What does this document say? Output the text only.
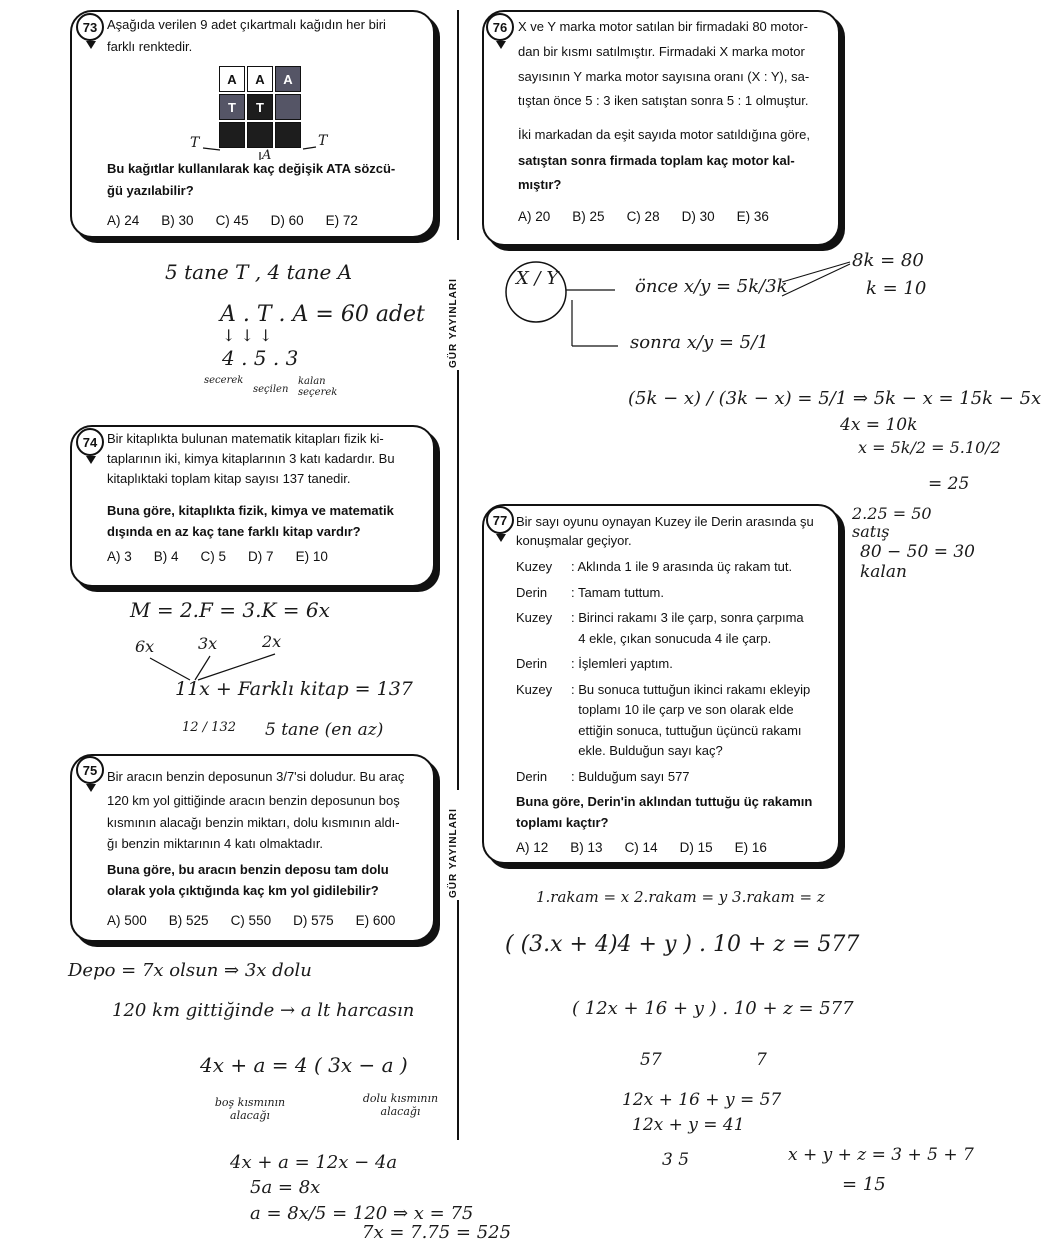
GÜR YAYINLARI
GÜR YAYINLARI
73 Aşağıda verilen 9 adet çıkartmalı kağıdın her biri
farklı renktedir.
A	A	A
T	T
T	T
A
Bu kağıtlar kullanılarak kaç değişik ATA sözcü-
ğü yazılabilir?
A) 24 B) 30 C) 45 D) 60 E) 72
5 tane T , 4 tane A
A . T . A = 60 adet
↓ ↓ ↓
4 . 5 . 3
secerek
seçilen
kalan seçerek
74 Bir kitaplıkta bulunan matematik kitapları fizik ki-
taplarının iki, kimya kitaplarının 3 katı kadardır. Bu
kitaplıktaki toplam kitap sayısı 137 tanedir.
Buna göre, kitaplıkta fizik, kimya ve matematik
dışında en az kaç tane farklı kitap vardır?
A) 3 B) 4 C) 5 D) 7 E) 10
M = 2.F = 3.K = 6x
6x	3x	2x
11x + Farklı kitap = 137
12 / 132 5 tane (en az)
75 Bir aracın benzin deposunun 3/7'si doludur. Bu araç
120 km yol gittiğinde aracın benzin deposunun boş
kısmının alacağı benzin miktarı, dolu kısmının aldı-
ğı benzin miktarının 4 katı olmaktadır.
Buna göre, bu aracın benzin deposu tam dolu
olarak yola çıktığında kaç km yol gidilebilir?
A) 500 B) 525 C) 550 D) 575 E) 600
Depo = 7x olsun ⇒ 3x dolu
120 km gittiğinde → a lt harcasın
4x + a = 4 ( 3x − a )
boş kısmının alacağı
dolu kısmının alacağı
4x + a = 12x − 4a
5a = 8x
a = 8x/5 = 120 ⇒ x = 75
7x = 7.75 = 525
76 X ve Y marka motor satılan bir firmadaki 80 motor-
dan bir kısmı satılmıştır. Firmadaki X marka motor
sayısının Y marka motor sayısına oranı (X : Y), sa-
tıştan önce 5 : 3 iken satıştan sonra 5 : 1 olmuştur.
İki markadan da eşit sayıda motor satıldığına göre,
satıştan sonra firmada toplam kaç motor kal-
mıştır?
A) 20 B) 25 C) 28 D) 30 E) 36
X / Y	önce x/y = 5k/3k
sonra x/y = 5/1
8k = 80
k = 10
(5k − x) / (3k − x) = 5/1 ⇒ 5k − x = 15k − 5x
4x = 10k
x = 5k/2 = 5.10/2
= 25
2.25 = 50 satış
80 − 50 = 30 kalan
77 Bir sayı oyunu oynayan Kuzey ile Derin arasında şu
konuşmalar geçiyor.
Kuzey	: Aklında 1 ile 9 arasında üç rakam tut.
Derin	: Tamam tuttum.
Kuzey	: Birinci rakamı 3 ile çarp, sonra çarpıma
4 ekle, çıkan sonucuda 4 ile çarp.
Derin	: İşlemleri yaptım.
Kuzey	: Bu sonuca tuttuğun ikinci rakamı ekleyip
toplamı 10 ile çarp ve son olarak elde
ettiğin sonuca, tuttuğun üçüncü rakamı
ekle. Bulduğun sayı kaç?
Derin	: Bulduğum sayı 577
Buna göre, Derin'in aklından tuttuğu üç rakamın
toplamı kaçtır?
A) 12 B) 13 C) 14 D) 15 E) 16
1.rakam = x 2.rakam = y 3.rakam = z
( (3.x + 4)4 + y ) . 10 + z = 577
( 12x + 16 + y ) . 10 + z = 577
57	7
12x + 16 + y = 57
12x + y = 41
3 5	x + y + z = 3 + 5 + 7
= 15
